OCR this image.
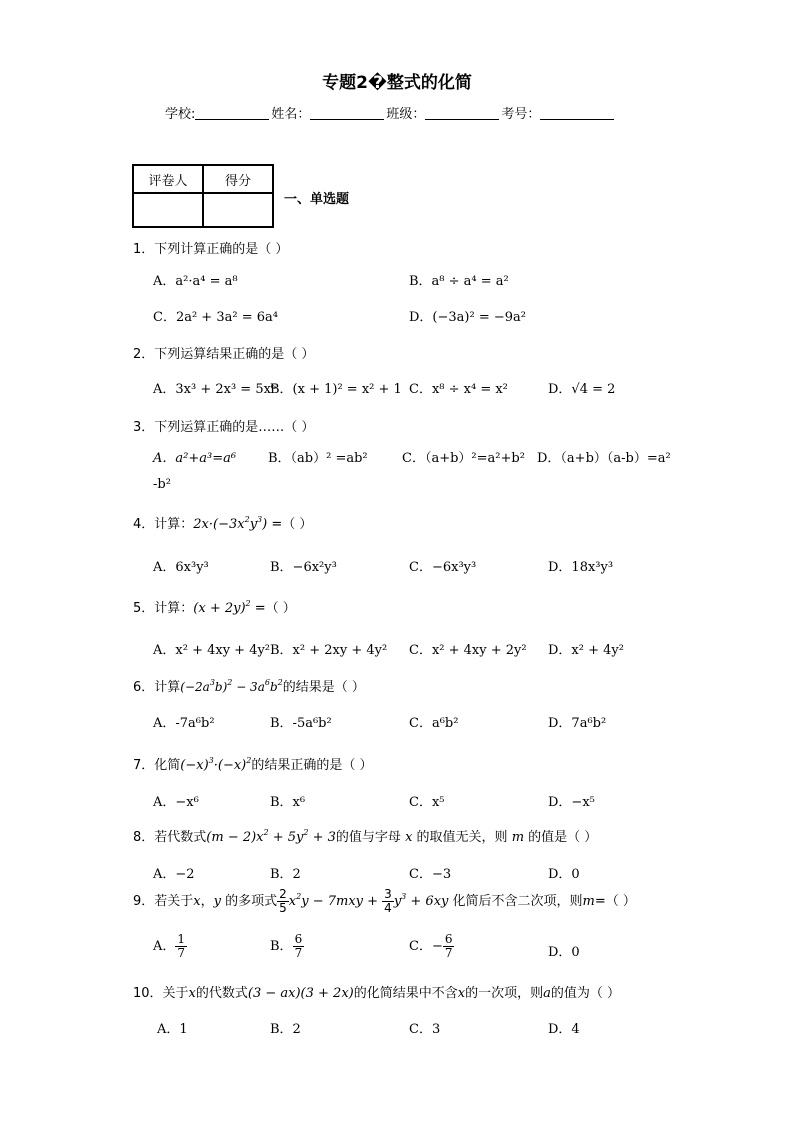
专题2�整式的化简
学校:	姓名：	班级：	考号：
评卷人	得分

一、单选题
1．下列计算正确的是（ ）
A．a²·a⁴ = a⁸	B．a⁸ ÷ a⁴ = a²
C．2a² + 3a² = 6a⁴	D．(−3a)² = −9a²
2．下列运算结果正确的是（ ）
A．3x³ + 2x³ = 5x⁶
B．(x + 1)² = x² + 1 C．x⁸ ÷ x⁴ = x²	D．√4 = 2
3．下列运算正确的是……（ ）
A．a²+a³=a⁶ B．（ab）² =ab²	C．（a+b）²=a²+b² D．（a+b）（a-b）=a²
-b²
4．计算：$2x\cdot(-3x^2y^3)$ =（ ）
A．6x³y³	B．−6x²y³	C．−6x³y³	D．18x³y³
5．计算：$(x + 2y)^2$ =（ ）
A．x² + 4xy + 4y² B．x² + 2xy + 4y² C．x² + 4xy + 2y² D．x² + 4y²
6．计算$(-2a^3b)^2 - 3a^6b^2$的结果是（ ）
A．-7a⁶b²	B．-5a⁶b²	C．a⁶b²	D．7a⁶b²
7．化简$(-x)^3\cdot(-x)^2$的结果正确的是（ ）
A．−x⁶	B．x⁶	C．x⁵	D．−x⁵
8．若代数式$(m - 2)x^2 + 5y^2 + 3$的值与字母 x 的取值无关，则 m 的值是（ ）
A．−2	B．2	C．−3	D．0
9．若关于x，y 的多项式 $\frac{2}{5} x^2y - 7mxy + \frac{3}{4} y^3 + 6xy$ 化简后不含二次项，则m=（ ）
A． $\frac{1}{7}$	B． $\frac{6}{7}$	C．− $\frac{6}{7}$	D．0
10．关于x的代数式(3 − ax)(3 + 2x)的化简结果中不含x的一次项，则a的值为（ ）
A．1	B．2	C．3	D．4
